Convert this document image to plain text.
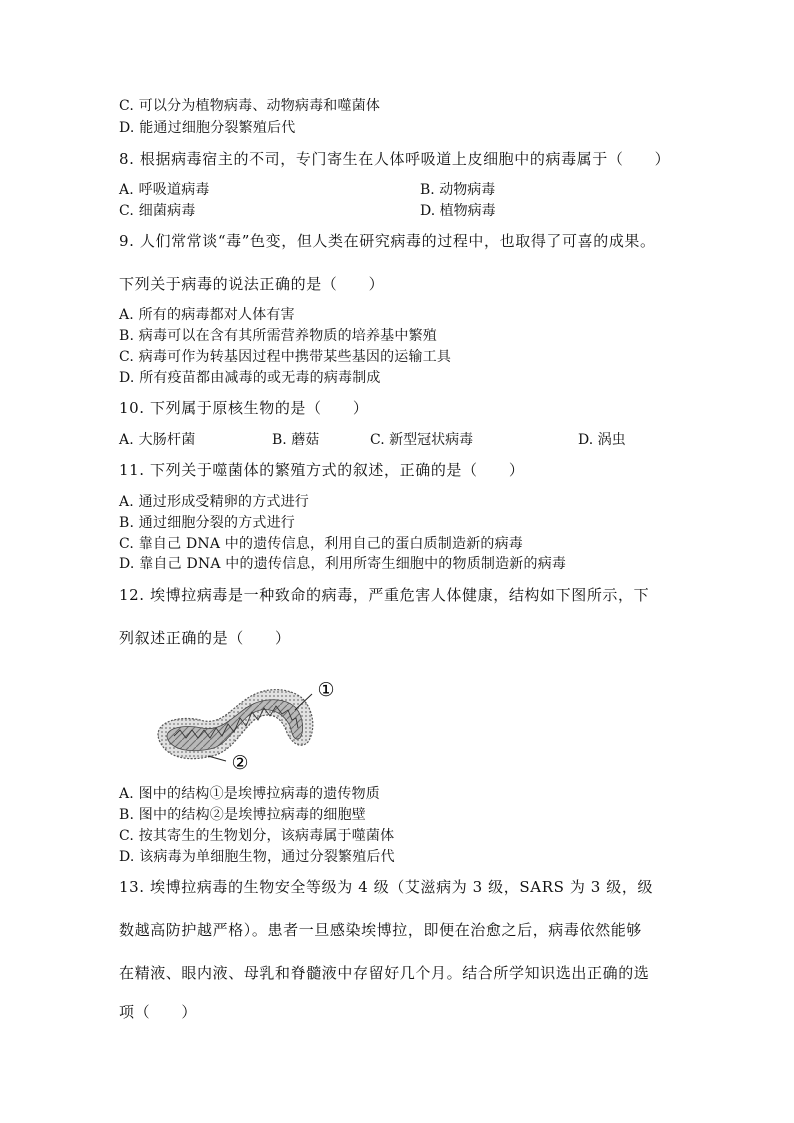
C. 可以分为植物病毒、动物病毒和噬菌体
D. 能通过细胞分裂繁殖后代
8. 根据病毒宿主的不司，专门寄生在人体呼吸道上皮细胞中的病毒属于（　　）
A. 呼吸道病毒	B. 动物病毒
C. 细菌病毒	D. 植物病毒
9. 人们常常谈“毒”色变，但人类在研究病毒的过程中，也取得了可喜的成果。
下列关于病毒的说法正确的是（　　）
A. 所有的病毒都对人体有害
B. 病毒可以在含有其所需营养物质的培养基中繁殖
C. 病毒可作为转基因过程中携带某些基因的运输工具
D. 所有疫苗都由减毒的或无毒的病毒制成
10. 下列属于原核生物的是（　　）
A. 大肠杆菌	B. 蘑菇	C. 新型冠状病毒	D. 涡虫
11. 下列关于噬菌体的繁殖方式的叙述，正确的是（　　）
A. 通过形成受精卵的方式进行
B. 通过细胞分裂的方式进行
C. 靠自己 DNA 中的遗传信息，利用自己的蛋白质制造新的病毒
D. 靠自己 DNA 中的遗传信息，利用所寄生细胞中的物质制造新的病毒
12. 埃博拉病毒是一种致命的病毒，严重危害人体健康，结构如下图所示，下
列叙述正确的是（　　）
①
②
A. 图中的结构①是埃博拉病毒的遗传物质
B. 图中的结构②是埃博拉病毒的细胞壁
C. 按其寄生的生物划分，该病毒属于噬菌体
D. 该病毒为单细胞生物，通过分裂繁殖后代
13. 埃博拉病毒的生物安全等级为 4 级（艾滋病为 3 级，SARS 为 3 级，级
数越高防护越严格）。患者一旦感染埃博拉，即便在治愈之后，病毒依然能够
在精液、眼内液、母乳和脊髓液中存留好几个月。结合所学知识选出正确的选
项（　　）
